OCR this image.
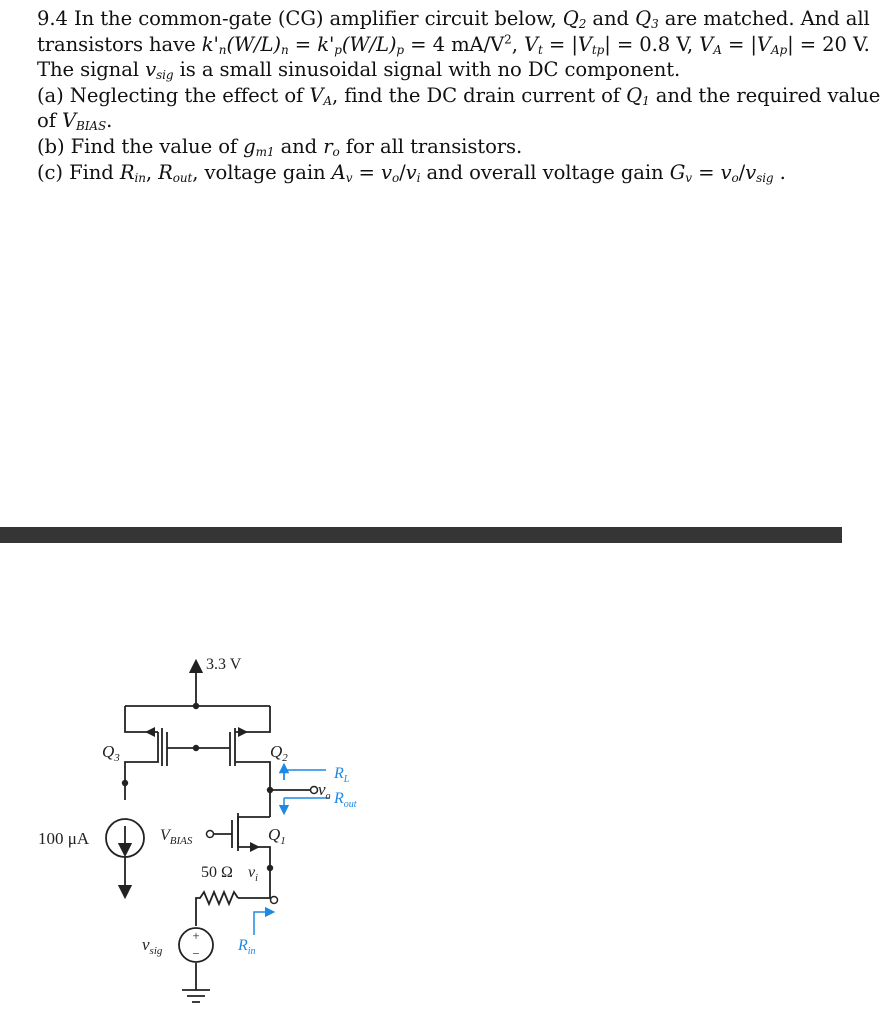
9.4 In the common-gate (CG) amplifier circuit below, $Q_2$ and $Q_3$ are matched. And all
transistors have $k'_n(W/L)_n = k'_p(W/L)_p = 4$ $mA/V^2$, $V_t = |V_{tp}| = 0.8$ V, $V_A = |V_{Ap}| = 20$ V.
The signal $v_{sig}$ is a small sinusoidal signal with no DC component.
(a) Neglecting the effect of $V_A$, find the DC drain current of $Q_1$ and the required value
of $V_{BIAS}$.
(b) Find the value of $g_{m1}$ and $r_o$ for all transistors.
(c) Find $R_{in}$, $R_{out}$, voltage gain $A_v = v_o/v_i$ and overall voltage gain $G_v = v_o/v_{sig}$ .
+
−
3.3 V
$Q_3$	$Q_2$
$Q_1$
$R_L$
$v_o$ $R_{out}$
100 μA	$V_{BIAS}$
50 Ω $v_i$
$v_{sig}$	$R_{in}$
